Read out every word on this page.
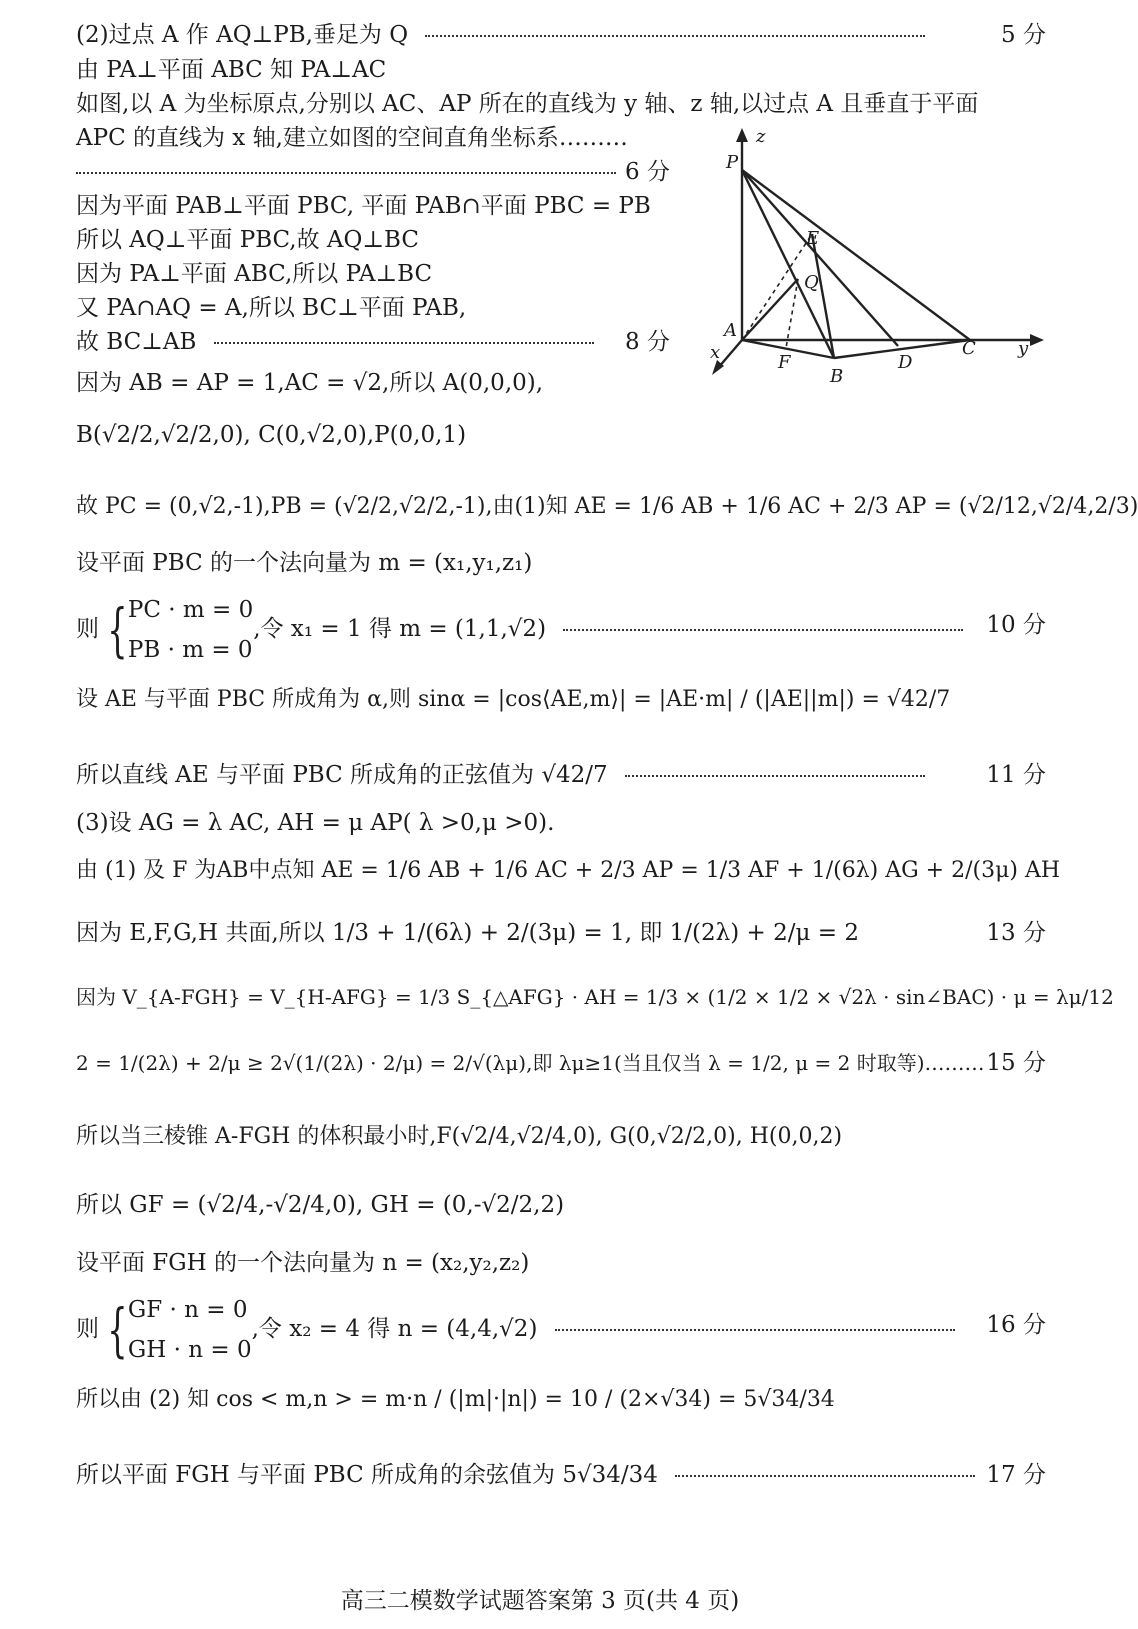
(2)过点 A 作 AQ⊥PB,垂足为 Q	5 分
由 PA⊥平面 ABC 知 PA⊥AC
如图,以 A 为坐标原点,分别以 AC、AP 所在的直线为 y 轴、z 轴,以过点 A 且垂直于平面
APC 的直线为 x 轴,建立如图的空间直角坐标系………
6 分
因为平面 PAB⊥平面 PBC, 平面 PAB∩平面 PBC = PB
所以 AQ⊥平面 PBC,故 AQ⊥BC
因为 PA⊥平面 ABC,所以 PA⊥BC
又 PA∩AQ = A,所以 BC⊥平面 PAB,
故 BC⊥AB	8 分
z
P
E
Q
A
F
B
D
C y
x
因为 AB = AP = 1,AC = √2,所以 A(0,0,0),
B(√2/2,√2/2,0), C(0,√2,0),P(0,0,1)
故 PC = (0,√2,-1),PB = (√2/2,√2/2,-1),由(1)知 AE = 1/6 AB + 1/6 AC + 2/3 AP = (√2/12,√2/4,2/3)
设平面 PBC 的一个法向量为 m = (x₁,y₁,z₁)
则 { PC · m = 0
PB · m = 0
,令 x₁ = 1 得 m = (1,1,√2)	10 分
设 AE 与平面 PBC 所成角为 α,则 sinα = |cos⟨AE,m⟩| = |AE·m| / (|AE||m|) = √42/7
所以直线 AE 与平面 PBC 所成角的正弦值为 √42/7	11 分
(3)设 AG = λ AC, AH = μ AP( λ >0,μ >0).
由 (1) 及 F 为AB中点知 AE = 1/6 AB + 1/6 AC + 2/3 AP = 1/3 AF + 1/(6λ) AG + 2/(3μ) AH
因为 E,F,G,H 共面,所以 1/3 + 1/(6λ) + 2/(3μ) = 1, 即 1/(2λ) + 2/μ = 2	13 分
因为 V_{A-FGH} = V_{H-AFG} = 1/3 S_{△AFG} · AH = 1/3 × (1/2 × 1/2 × √2λ · sin∠BAC) · μ = λμ/12
2 = 1/(2λ) + 2/μ ≥ 2√(1/(2λ) · 2/μ) = 2/√(λμ),即 λμ≥1(当且仅当 λ = 1/2, μ = 2 时取等)……… 15 分
所以当三棱锥 A-FGH 的体积最小时,F(√2/4,√2/4,0), G(0,√2/2,0), H(0,0,2)
所以 GF = (√2/4,-√2/4,0), GH = (0,-√2/2,2)
设平面 FGH 的一个法向量为 n = (x₂,y₂,z₂)
则 { GF · n = 0
GH · n = 0
,令 x₂ = 4 得 n = (4,4,√2)	16 分
所以由 (2) 知 cos < m,n > = m·n / (|m|·|n|) = 10 / (2×√34) = 5√34/34
所以平面 FGH 与平面 PBC 所成角的余弦值为 5√34/34	17 分
高三二模数学试题答案第 3 页(共 4 页)
